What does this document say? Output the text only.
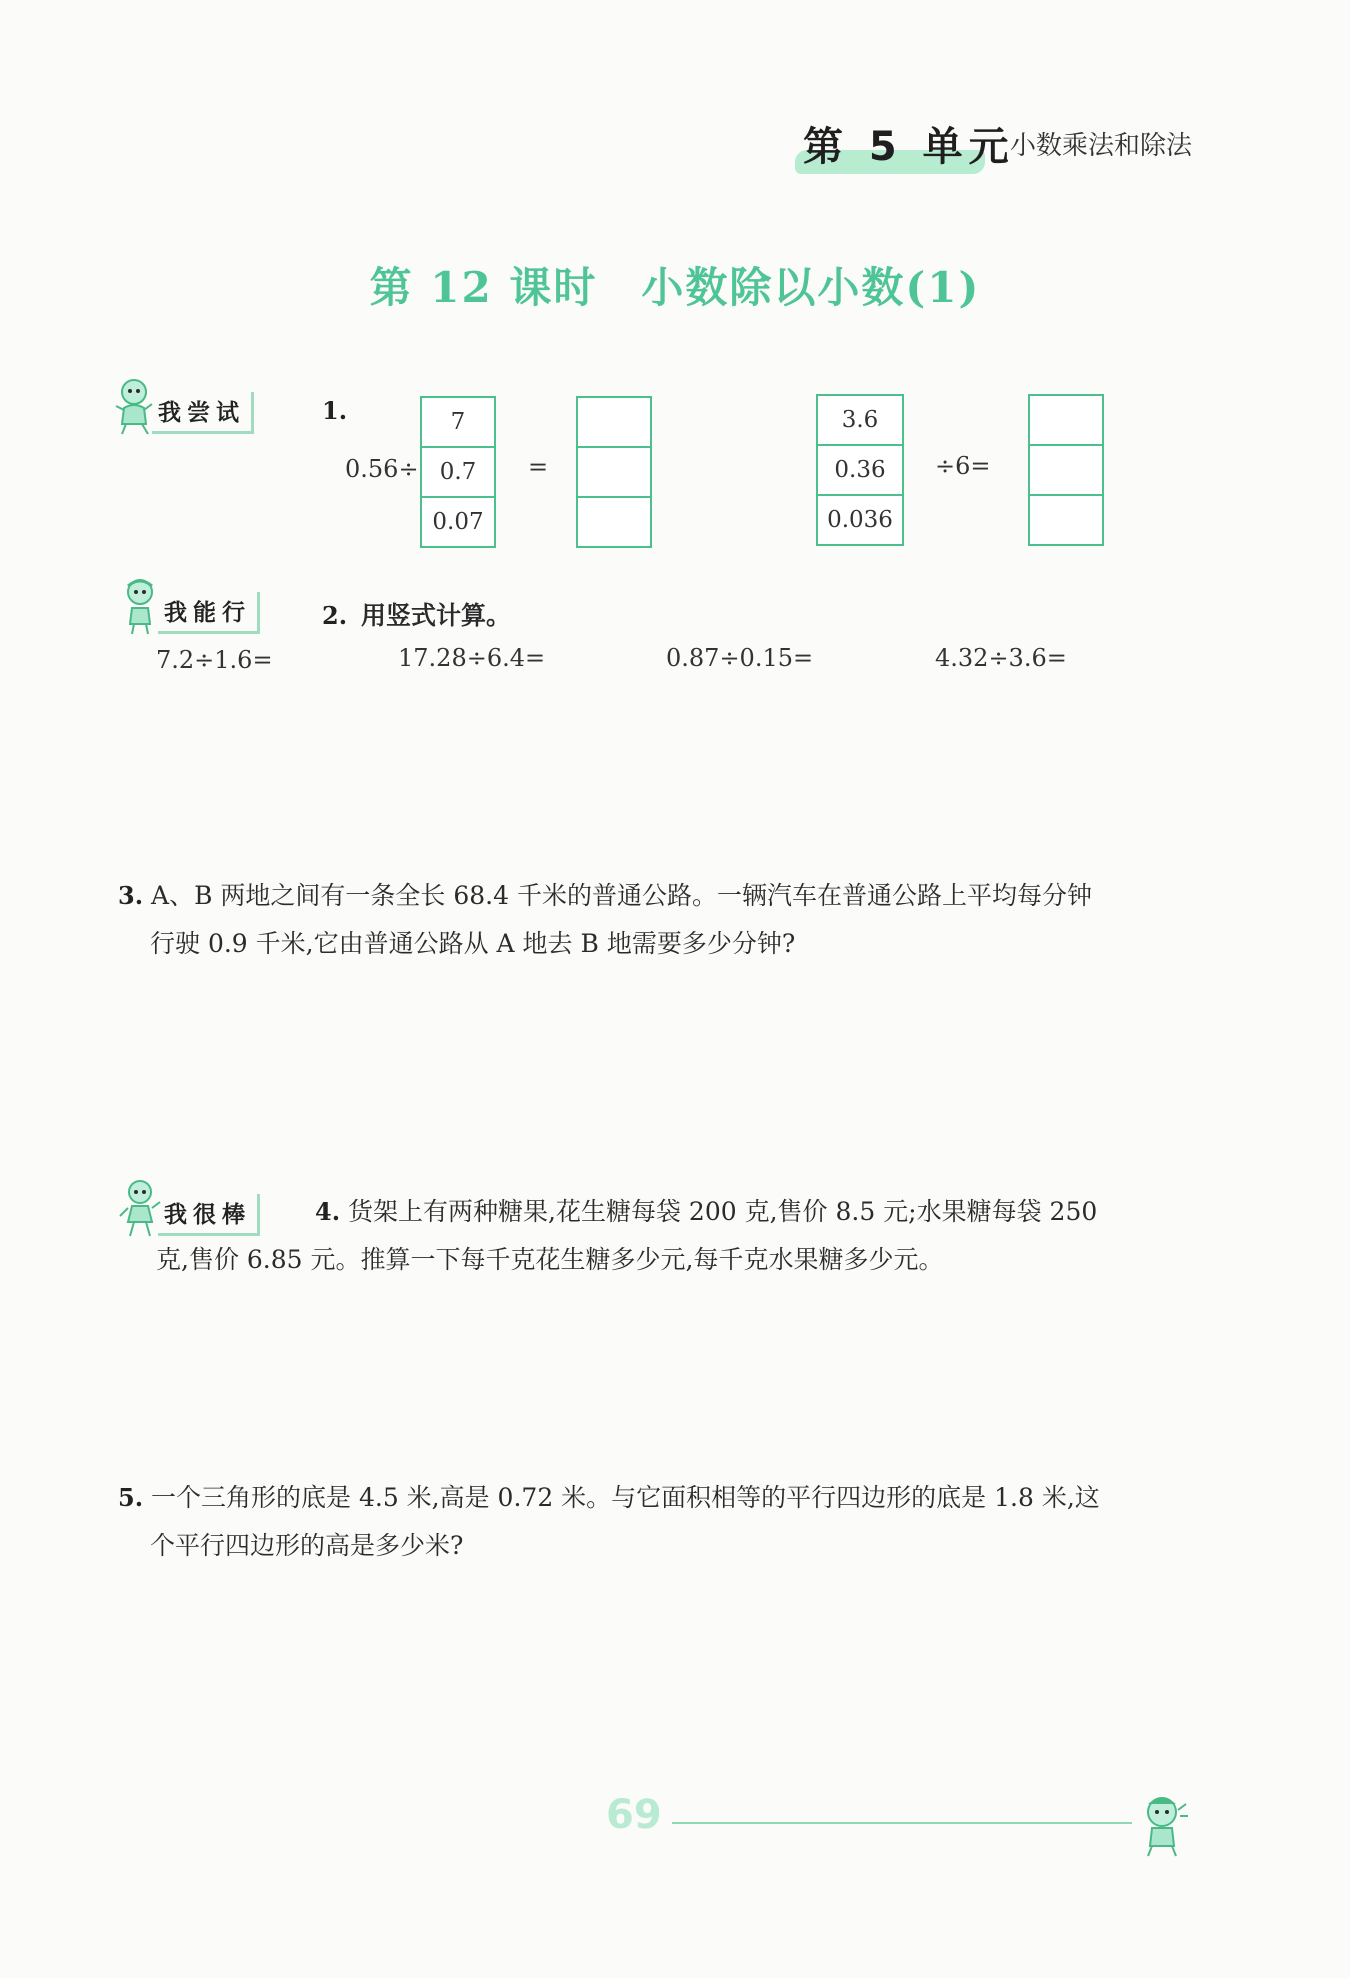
第 5 单元
小数乘法和除法
第 12 课时　小数除以小数(1)
我尝试	1.
0.56÷
7
0.7
0.07
=
3.6
0.36
0.036
÷6=
我能行	2. 用竖式计算。
7.2÷1.6=	17.28÷6.4=	0.87÷0.15=	4.32÷3.6=
3. A、B 两地之间有一条全长 68.4 千米的普通公路。一辆汽车在普通公路上平均每分钟
行驶 0.9 千米,它由普通公路从 A 地去 B 地需要多少分钟?
我很棒	4. 货架上有两种糖果,花生糖每袋 200 克,售价 8.5 元;水果糖每袋 250
克,售价 6.85 元。推算一下每千克花生糖多少元,每千克水果糖多少元。
5. 一个三角形的底是 4.5 米,高是 0.72 米。与它面积相等的平行四边形的底是 1.8 米,这
个平行四边形的高是多少米?
69
